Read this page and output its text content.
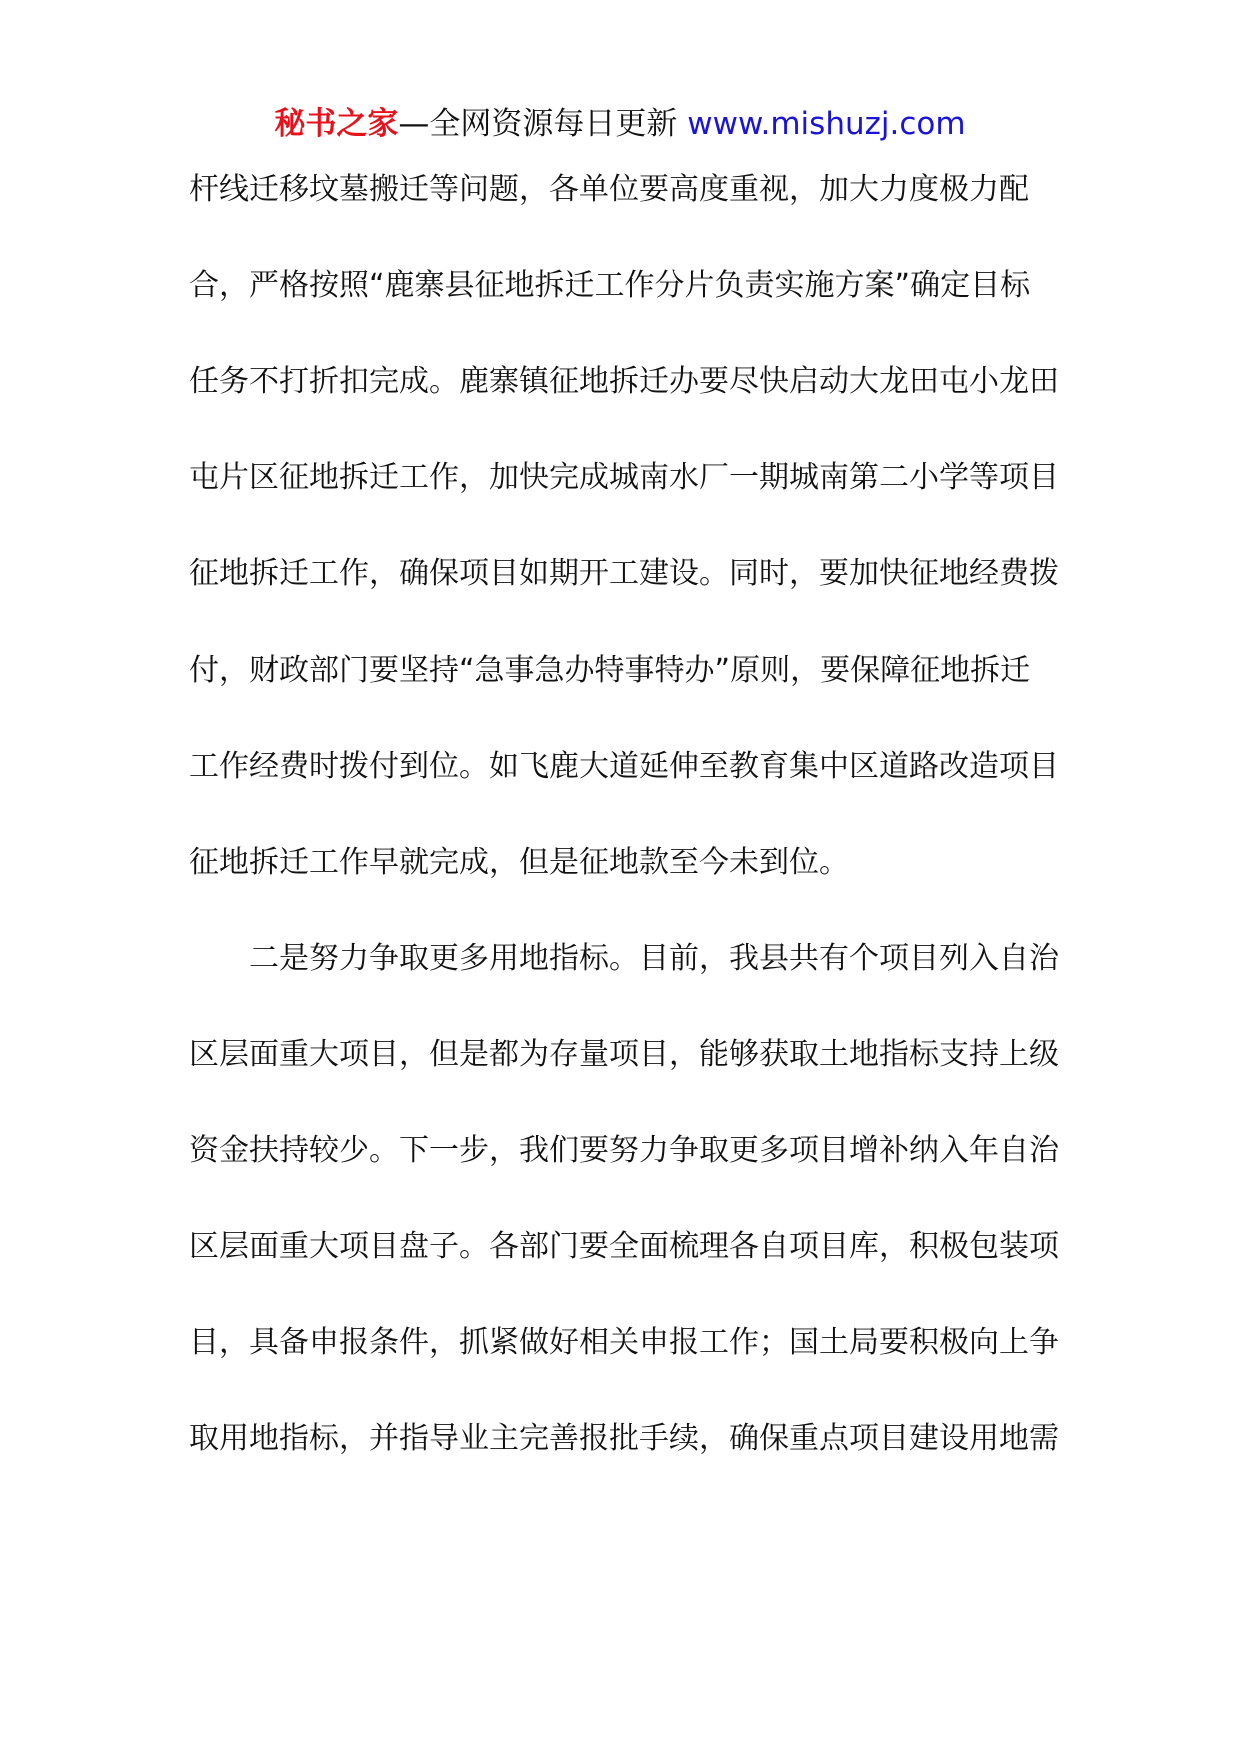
秘书之家—全网资源每日更新 www.mishuzj.com
杆线迁移坟墓搬迁等问题，各单位要高度重视，加大力度极力配
合，严格按照“鹿寨县征地拆迁工作分片负责实施方案”确定目标
任务不打折扣完成。鹿寨镇征地拆迁办要尽快启动大龙田屯小龙田
屯片区征地拆迁工作，加快完成城南水厂一期城南第二小学等项目
征地拆迁工作，确保项目如期开工建设。同时，要加快征地经费拨
付，财政部门要坚持“急事急办特事特办”原则，要保障征地拆迁
工作经费时拨付到位。如飞鹿大道延伸至教育集中区道路改造项目
征地拆迁工作早就完成，但是征地款至今未到位。
二是努力争取更多用地指标。目前，我县共有个项目列入自治
区层面重大项目，但是都为存量项目，能够获取土地指标支持上级
资金扶持较少。下一步，我们要努力争取更多项目增补纳入年自治
区层面重大项目盘子。各部门要全面梳理各自项目库，积极包装项
目，具备申报条件，抓紧做好相关申报工作；国土局要积极向上争
取用地指标，并指导业主完善报批手续，确保重点项目建设用地需
